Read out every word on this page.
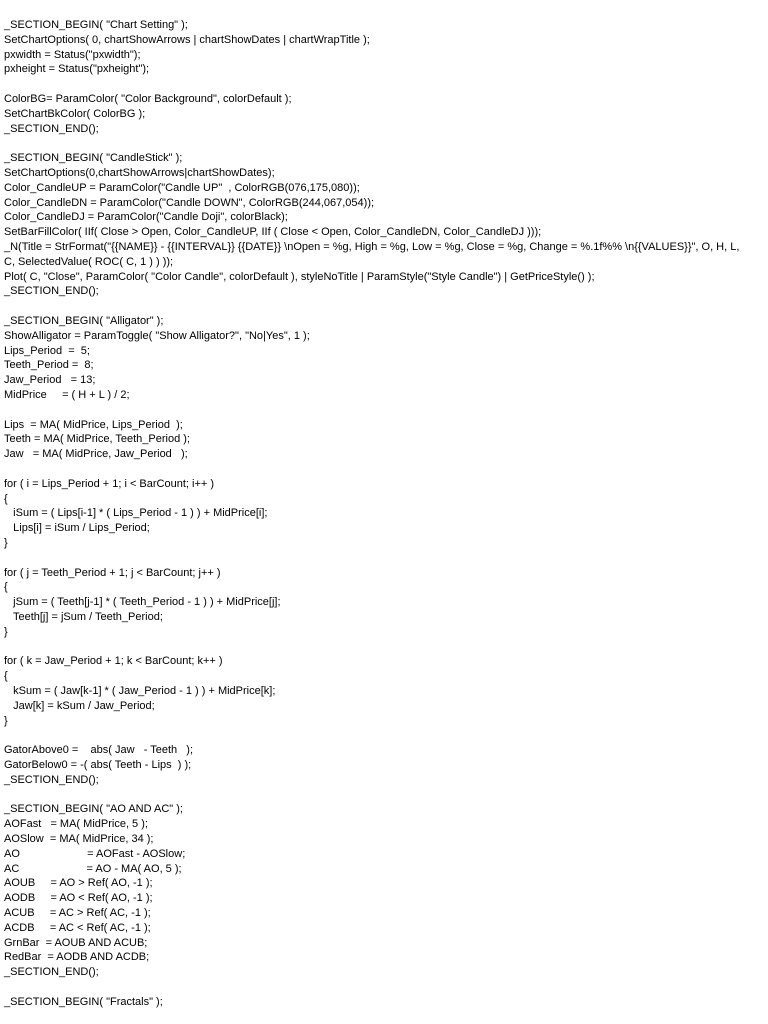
_SECTION_BEGIN( "Chart Setting" );
SetChartOptions( 0, chartShowArrows | chartShowDates | chartWrapTitle );
pxwidth = Status("pxwidth");
pxheight = Status("pxheight");
ColorBG= ParamColor( "Color Background", colorDefault );
SetChartBkColor( ColorBG );
_SECTION_END();
_SECTION_BEGIN( "CandleStick" );
SetChartOptions(0,chartShowArrows|chartShowDates);
Color_CandleUP = ParamColor("Candle UP"  , ColorRGB(076,175,080));
Color_CandleDN = ParamColor("Candle DOWN", ColorRGB(244,067,054));
Color_CandleDJ = ParamColor("Candle Doji", colorBlack);
SetBarFillColor( IIf( Close > Open, Color_CandleUP, IIf ( Close < Open, Color_CandleDN, Color_CandleDJ )));
_N(Title = StrFormat("{{NAME}} - {{INTERVAL}} {{DATE}} \nOpen = %g, High = %g, Low = %g, Close = %g, Change = %.1f%% \n{{VALUES}}", O, H, L,
C, SelectedValue( ROC( C, 1 ) ) ));
Plot( C, "Close", ParamColor( "Color Candle", colorDefault ), styleNoTitle | ParamStyle("Style Candle") | GetPriceStyle() );
_SECTION_END();
_SECTION_BEGIN( "Alligator" );
ShowAlligator = ParamToggle( "Show Alligator?", "No|Yes", 1 );
Lips_Period  =  5;
Teeth_Period =  8;
Jaw_Period   = 13;
MidPrice     = ( H + L ) / 2;
Lips  = MA( MidPrice, Lips_Period  );
Teeth = MA( MidPrice, Teeth_Period );
Jaw   = MA( MidPrice, Jaw_Period   );
for ( i = Lips_Period + 1; i < BarCount; i++ )
{
iSum = ( Lips[i-1] * ( Lips_Period - 1 ) ) + MidPrice[i];
Lips[i] = iSum / Lips_Period;
}
for ( j = Teeth_Period + 1; j < BarCount; j++ )
{
jSum = ( Teeth[j-1] * ( Teeth_Period - 1 ) ) + MidPrice[j];
Teeth[j] = jSum / Teeth_Period;
}
for ( k = Jaw_Period + 1; k < BarCount; k++ )
{
kSum = ( Jaw[k-1] * ( Jaw_Period - 1 ) ) + MidPrice[k];
Jaw[k] = kSum / Jaw_Period;
}
GatorAbove0 =    abs( Jaw   - Teeth   );
GatorBelow0 = -( abs( Teeth - Lips  ) );
_SECTION_END();
_SECTION_BEGIN( "AO AND AC" );
AOFast   = MA( MidPrice, 5 );
AOSlow  = MA( MidPrice, 34 );
AO                      = AOFast - AOSlow;
AC                      = AO - MA( AO, 5 );
AOUB     = AO > Ref( AO, -1 );
AODB     = AO < Ref( AO, -1 );
ACUB     = AC > Ref( AC, -1 );
ACDB     = AC < Ref( AC, -1 );
GrnBar  = AOUB AND ACUB;
RedBar  = AODB AND ACDB;
_SECTION_END();
_SECTION_BEGIN( "Fractals" );
